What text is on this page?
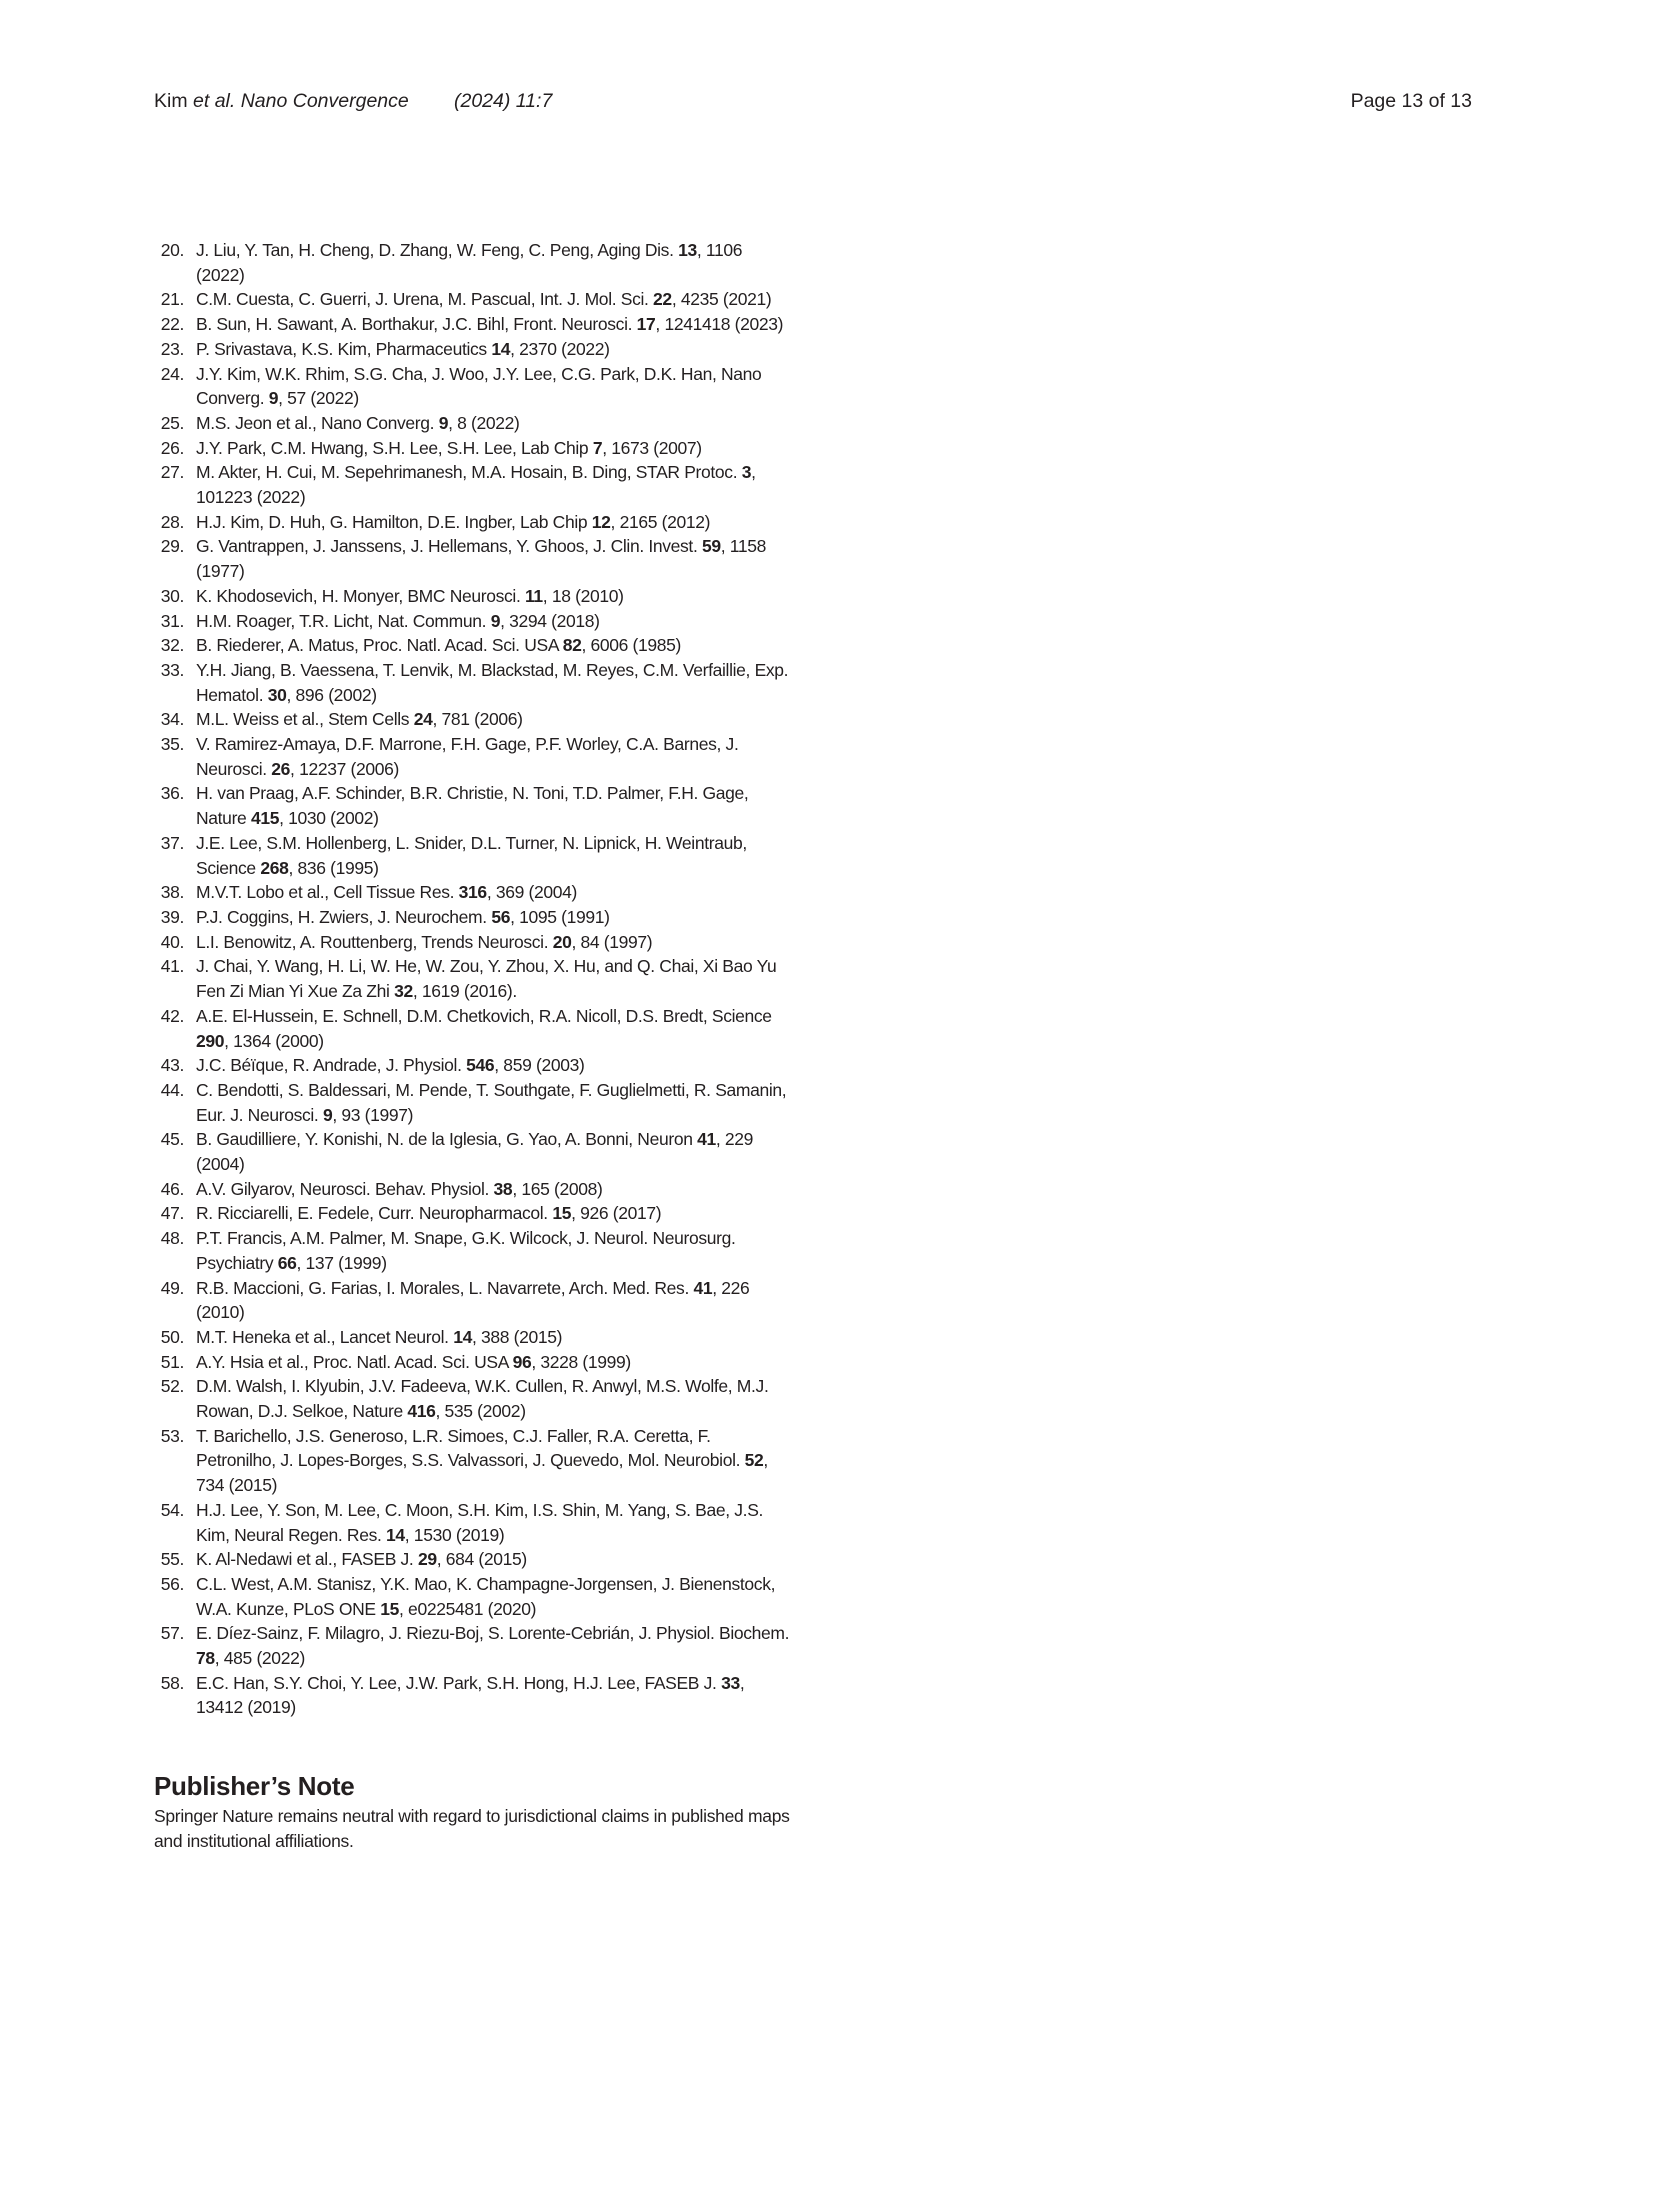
Kim et al. Nano Convergence (2024) 11:7	Page 13 of 13
20. J. Liu, Y. Tan, H. Cheng, D. Zhang, W. Feng, C. Peng, Aging Dis. 13, 1106 (2022)
21. C.M. Cuesta, C. Guerri, J. Urena, M. Pascual, Int. J. Mol. Sci. 22, 4235 (2021)
22. B. Sun, H. Sawant, A. Borthakur, J.C. Bihl, Front. Neurosci. 17, 1241418 (2023)
23. P. Srivastava, K.S. Kim, Pharmaceutics 14, 2370 (2022)
24. J.Y. Kim, W.K. Rhim, S.G. Cha, J. Woo, J.Y. Lee, C.G. Park, D.K. Han, Nano Converg. 9, 57 (2022)
25. M.S. Jeon et al., Nano Converg. 9, 8 (2022)
26. J.Y. Park, C.M. Hwang, S.H. Lee, S.H. Lee, Lab Chip 7, 1673 (2007)
27. M. Akter, H. Cui, M. Sepehrimanesh, M.A. Hosain, B. Ding, STAR Protoc. 3, 101223 (2022)
28. H.J. Kim, D. Huh, G. Hamilton, D.E. Ingber, Lab Chip 12, 2165 (2012)
29. G. Vantrappen, J. Janssens, J. Hellemans, Y. Ghoos, J. Clin. Invest. 59, 1158 (1977)
30. K. Khodosevich, H. Monyer, BMC Neurosci. 11, 18 (2010)
31. H.M. Roager, T.R. Licht, Nat. Commun. 9, 3294 (2018)
32. B. Riederer, A. Matus, Proc. Natl. Acad. Sci. USA 82, 6006 (1985)
33. Y.H. Jiang, B. Vaessena, T. Lenvik, M. Blackstad, M. Reyes, C.M. Verfaillie, Exp. Hematol. 30, 896 (2002)
34. M.L. Weiss et al., Stem Cells 24, 781 (2006)
35. V. Ramirez-Amaya, D.F. Marrone, F.H. Gage, P.F. Worley, C.A. Barnes, J. Neurosci. 26, 12237 (2006)
36. H. van Praag, A.F. Schinder, B.R. Christie, N. Toni, T.D. Palmer, F.H. Gage, Nature 415, 1030 (2002)
37. J.E. Lee, S.M. Hollenberg, L. Snider, D.L. Turner, N. Lipnick, H. Weintraub, Science 268, 836 (1995)
38. M.V.T. Lobo et al., Cell Tissue Res. 316, 369 (2004)
39. P.J. Coggins, H. Zwiers, J. Neurochem. 56, 1095 (1991)
40. L.I. Benowitz, A. Routtenberg, Trends Neurosci. 20, 84 (1997)
41. J. Chai, Y. Wang, H. Li, W. He, W. Zou, Y. Zhou, X. Hu, and Q. Chai, Xi Bao Yu Fen Zi Mian Yi Xue Za Zhi 32, 1619 (2016).
42. A.E. El-Hussein, E. Schnell, D.M. Chetkovich, R.A. Nicoll, D.S. Bredt, Science 290, 1364 (2000)
43. J.C. Béïque, R. Andrade, J. Physiol. 546, 859 (2003)
44. C. Bendotti, S. Baldessari, M. Pende, T. Southgate, F. Guglielmetti, R. Samanin, Eur. J. Neurosci. 9, 93 (1997)
45. B. Gaudilliere, Y. Konishi, N. de la Iglesia, G. Yao, A. Bonni, Neuron 41, 229 (2004)
46. A.V. Gilyarov, Neurosci. Behav. Physiol. 38, 165 (2008)
47. R. Ricciarelli, E. Fedele, Curr. Neuropharmacol. 15, 926 (2017)
48. P.T. Francis, A.M. Palmer, M. Snape, G.K. Wilcock, J. Neurol. Neurosurg. Psychiatry 66, 137 (1999)
49. R.B. Maccioni, G. Farias, I. Morales, L. Navarrete, Arch. Med. Res. 41, 226 (2010)
50. M.T. Heneka et al., Lancet Neurol. 14, 388 (2015)
51. A.Y. Hsia et al., Proc. Natl. Acad. Sci. USA 96, 3228 (1999)
52. D.M. Walsh, I. Klyubin, J.V. Fadeeva, W.K. Cullen, R. Anwyl, M.S. Wolfe, M.J. Rowan, D.J. Selkoe, Nature 416, 535 (2002)
53. T. Barichello, J.S. Generoso, L.R. Simoes, C.J. Faller, R.A. Ceretta, F. Petronilho, J. Lopes-Borges, S.S. Valvassori, J. Quevedo, Mol. Neurobiol. 52, 734 (2015)
54. H.J. Lee, Y. Son, M. Lee, C. Moon, S.H. Kim, I.S. Shin, M. Yang, S. Bae, J.S. Kim, Neural Regen. Res. 14, 1530 (2019)
55. K. Al-Nedawi et al., FASEB J. 29, 684 (2015)
56. C.L. West, A.M. Stanisz, Y.K. Mao, K. Champagne-Jorgensen, J. Bienenstock, W.A. Kunze, PLoS ONE 15, e0225481 (2020)
57. E. Díez-Sainz, F. Milagro, J. Riezu-Boj, S. Lorente-Cebrián, J. Physiol. Biochem. 78, 485 (2022)
58. E.C. Han, S.Y. Choi, Y. Lee, J.W. Park, S.H. Hong, H.J. Lee, FASEB J. 33, 13412 (2019)
Publisher’s Note

Springer Nature remains neutral with regard to jurisdictional claims in published maps and institutional affiliations.
